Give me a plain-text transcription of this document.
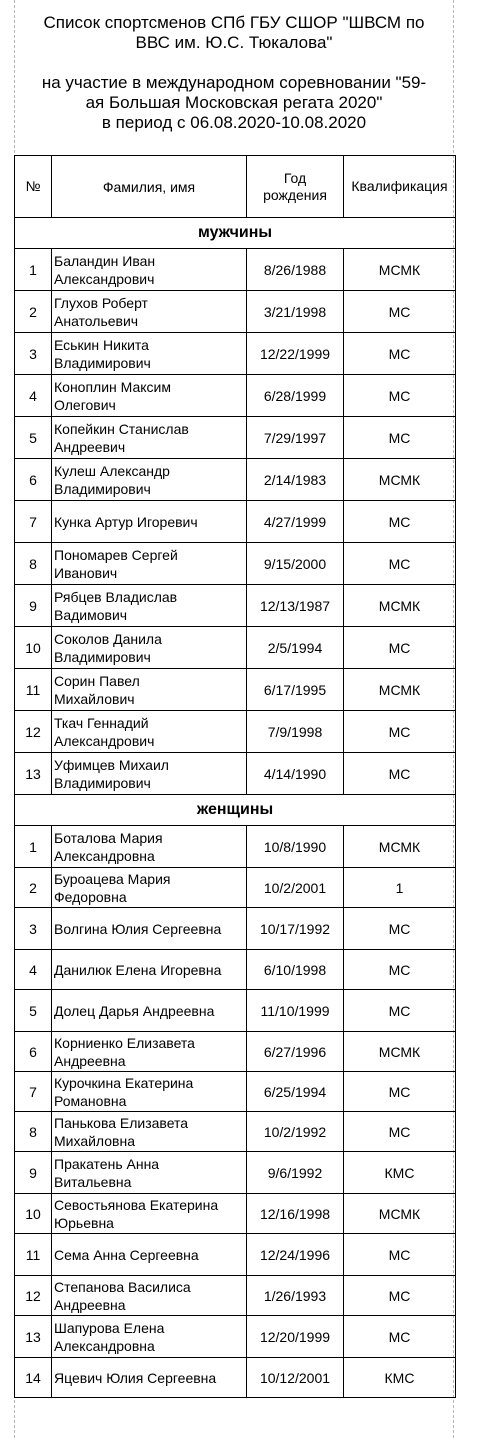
Список спортсменов СПб ГБУ СШОР "ШВСМ по
ВВС им. Ю.С. Тюкалова"
на участие в международном соревновании "59-
ая Большая Московская регата 2020"
в период с 06.08.2020-10.08.2020
№	Фамилия, имя	Год
рождения	Квалификация
мужчины			
1	Баландин Иван
Александрович	8/26/1988	МСМК
2	Глухов Роберт
Анатольевич	3/21/1998	МС
3	Еськин Никита
Владимирович	12/22/1999	МС
4	Коноплин Максим
Олегович	6/28/1999	МС
5	Копейкин Станислав
Андреевич	7/29/1997	МС
6	Кулеш Александр
Владимирович	2/14/1983	МСМК
7	Кунка Артур Игоревич	4/27/1999	МС
8	Пономарев Сергей
Иванович	9/15/2000	МС
9	Рябцев Владислав
Вадимович	12/13/1987	МСМК
10	Соколов Данила
Владимирович	2/5/1994	МС
11	Сорин Павел
Михайлович	6/17/1995	МСМК
12	Ткач Геннадий
Александрович	7/9/1998	МС
13	Уфимцев Михаил
Владимирович	4/14/1990	МС
женщины			
1	Боталова Мария
Александровна	10/8/1990	МСМК
2	Буроацева Мария
Федоровна	10/2/2001	1
3	Волгина Юлия Сергеевна	10/17/1992	МС
4	Данилюк Елена Игоревна	6/10/1998	МС
5	Долец Дарья Андреевна	11/10/1999	МС
6	Корниенко Елизавета
Андреевна	6/27/1996	МСМК
7	Курочкина Екатерина
Романовна	6/25/1994	МС
8	Панькова Елизавета
Михайловна	10/2/1992	МС
9	Пракатень Анна
Витальевна	9/6/1992	КМС
10	Севостьянова Екатерина
Юрьевна	12/16/1998	МСМК
11	Сема Анна Сергеевна	12/24/1996	МС
12	Степанова Василиса
Андреевна	1/26/1993	МС
13	Шапурова Елена
Александровна	12/20/1999	МС
14	Яцевич Юлия Сергеевна	10/12/2001	КМС
